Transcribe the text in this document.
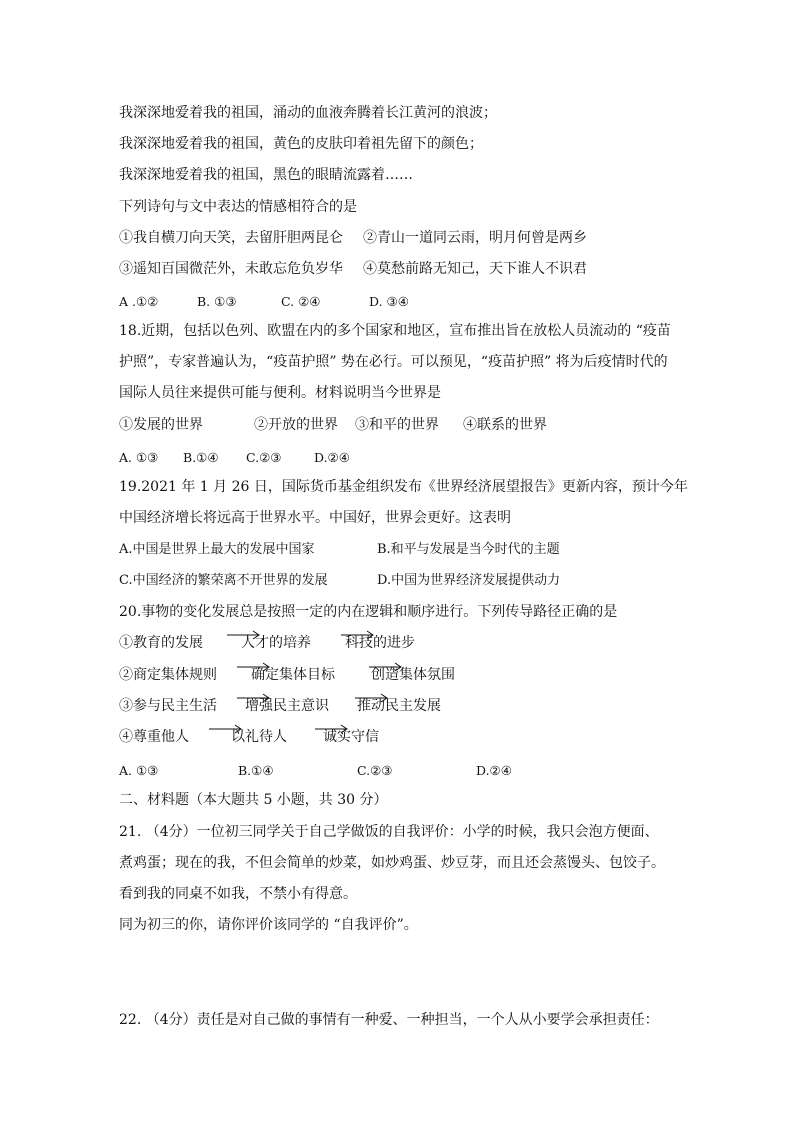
我深深地爱着我的祖国，涌动的血液奔腾着长江黄河的浪波；
我深深地爱着我的祖国，黄色的皮肤印着祖先留下的颜色；
我深深地爱着我的祖国，黑色的眼睛流露着……
下列诗句与文中表达的情感相符合的是
①我自横刀向天笑，去留肝胆两昆仑 ②青山一道同云雨，明月何曾是两乡
③遥知百国微茫外，未敢忘危负岁华 ④莫愁前路无知己，天下谁人不识君
A .①②	B. ①③	C. ②④	D. ③④
18.近期，包括以色列、欧盟在内的多个国家和地区，宣布推出旨在放松人员流动的 “疫苗
护照”，专家普遍认为，“疫苗护照” 势在必行。可以预见，“疫苗护照” 将为后疫情时代的
国际人员往来提供可能与便利。材料说明当今世界是
①发展的世界	②开放的世界 ③和平的世界 ④联系的世界
A. ①③ B.①④ C.②③	D.②④
19.2021 年 1 月 26 日，国际货币基金组织发布《世界经济展望报告》更新内容，预计今年
中国经济增长将远高于世界水平。中国好，世界会更好。这表明
A.中国是世界上最大的发展中国家	B.和平与发展是当今时代的主题
C.中国经济的繁荣离不开世界的发展	D.中国为世界经济发展提供动力
20.事物的变化发展总是按照一定的内在逻辑和顺序进行。下列传导路径正确的是
①教育的发展	人才的培养 科技的进步
②商定集体规则 确定集体目标	创造集体氛围
③参与民主生活 增强民主意识 推动民主发展
④尊重他人	以礼待人	诚实守信
A. ①③	B.①④	C.②③	D.②④
二、材料题（本大题共 5 小题，共 30 分）
21. （4分）一位初三同学关于自己学做饭的自我评价：小学的时候，我只会泡方便面、
煮鸡蛋；现在的我，不但会简单的炒菜，如炒鸡蛋、炒豆芽，而且还会蒸馒头、包饺子。
看到我的同桌不如我，不禁小有得意。
同为初三的你，请你评价该同学的 “自我评价”。
22. （4分）责任是对自己做的事情有一种爱、一种担当，一个人从小要学会承担责任：
